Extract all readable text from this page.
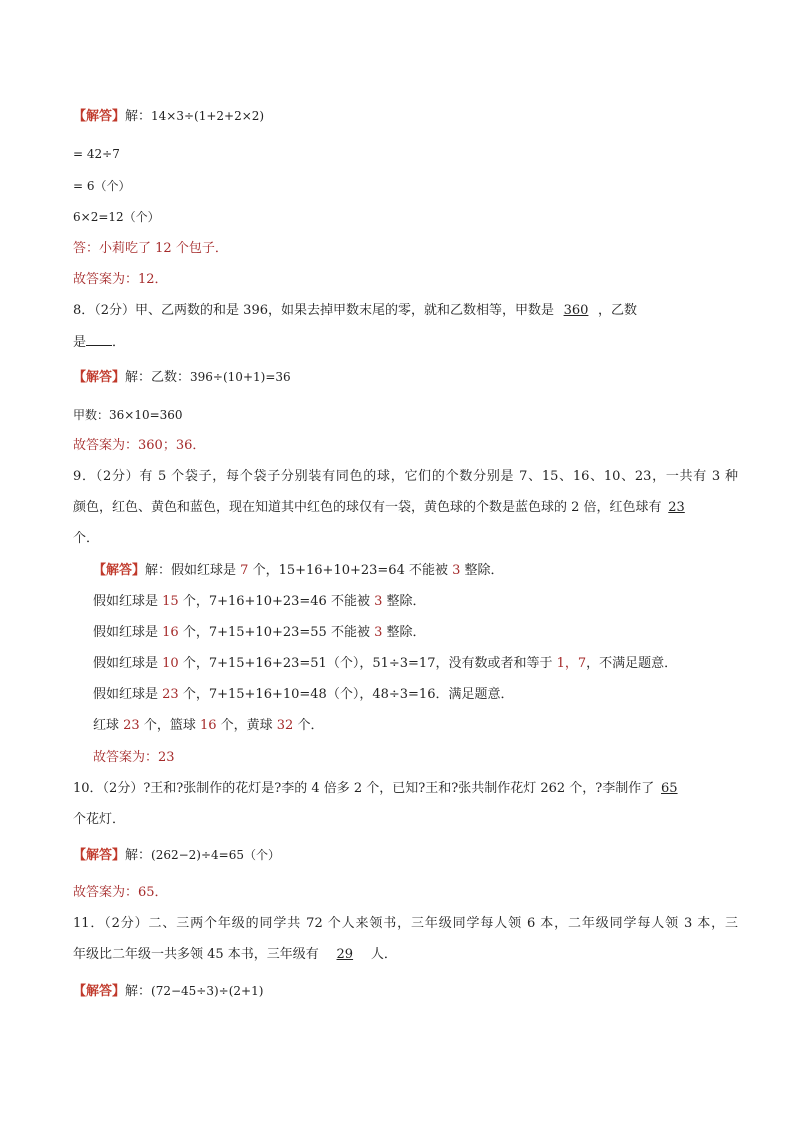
【解答】解：14×3÷(1+2+2×2)
= 42÷7
= 6（个）
6×2=12（个）
答：小莉吃了 12 个包子．
故答案为：12．
8．（2分）甲、乙两数的和是 396，如果去掉甲数末尾的零，就和乙数相等，甲数是 360 ，乙数
是 ．
【解答】解：乙数：396÷(10+1)=36
甲数：36×10=360
故答案为：360；36．
9．（2分）有 5 个袋子，每个袋子分别装有同色的球，它们的个数分别是 7、15、16、10、23，一共有 3 种
颜色，红色、黄色和蓝色，现在知道其中红色的球仅有一袋，黄色球的个数是蓝色球的 2 倍，红色球有 23
个．
【解答】解：假如红球是 7 个，15+16+10+23=64 不能被 3 整除．
假如红球是 15 个，7+16+10+23=46 不能被 3 整除．
假如红球是 16 个，7+15+10+23=55 不能被 3 整除．
假如红球是 10 个，7+15+16+23=51（个），51÷3=17，没有数或者和等于 1，7，不满足题意．
假如红球是 23 个，7+15+16+10=48（个），48÷3=16．满足题意．
红球 23 个，篮球 16 个，黄球 32 个．
故答案为：23
10．（2分）?王和?张制作的花灯是?李的 4 倍多 2 个，已知?王和?张共制作花灯 262 个，?李制作了 65
个花灯．
【解答】解：(262−2)÷4=65（个）
故答案为：65．
11．（2分）二、三两个年级的同学共 72 个人来领书，三年级同学每人领 6 本，二年级同学每人领 3 本，三
年级比二年级一共多领 45 本书，三年级有 29 人．
【解答】解：(72−45÷3)÷(2+1)
